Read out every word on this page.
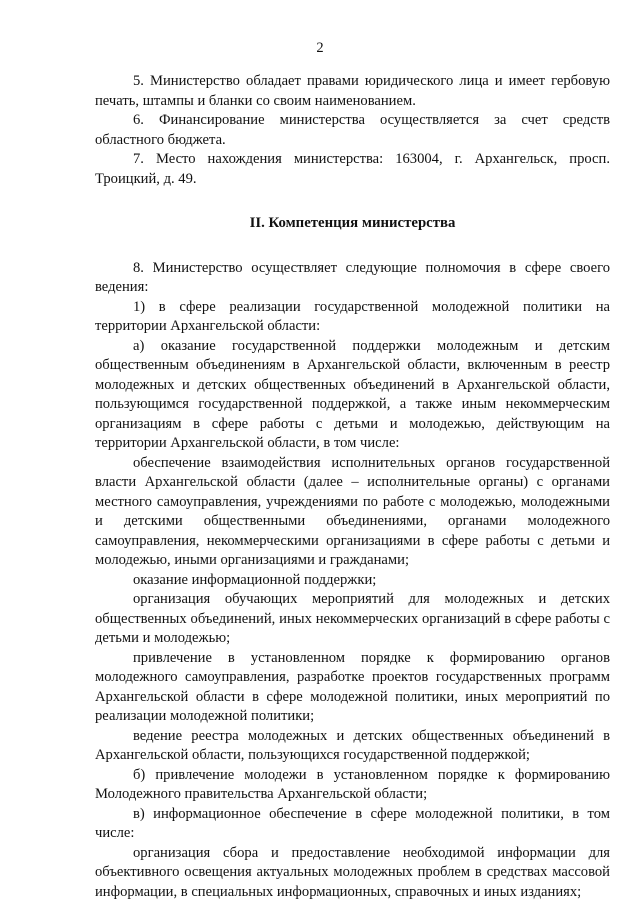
2

5. Министерство обладает правами юридического лица и имеет гербовую печать, штампы и бланки со своим наименованием.

6. Финансирование министерства осуществляется за счет средств областного бюджета.

7. Место нахождения министерства: 163004, г. Архангельск, просп. Троицкий, д. 49.

II. Компетенция министерства

8. Министерство осуществляет следующие полномочия в сфере своего ведения:

1) в сфере реализации государственной молодежной политики на территории Архангельской области:

а) оказание государственной поддержки молодежным и детским общественным объединениям в Архангельской области, включенным в реестр молодежных и детских общественных объединений в Архангельской области, пользующимся государственной поддержкой, а также иным некоммерческим организациям в сфере работы с детьми и молодежью, действующим на территории Архангельской области, в том числе:

обеспечение взаимодействия исполнительных органов государственной власти Архангельской области (далее – исполнительные органы) с органами местного самоуправления, учреждениями по работе с молодежью, молодежными и детскими общественными объединениями, органами молодежного самоуправления, некоммерческими организациями в сфере работы с детьми и молодежью, иными организациями и гражданами;

оказание информационной поддержки;

организация обучающих мероприятий для молодежных и детских общественных объединений, иных некоммерческих организаций в сфере работы с детьми и молодежью;

привлечение в установленном порядке к формированию органов молодежного самоуправления, разработке проектов государственных программ Архангельской области в сфере молодежной политики, иных мероприятий по реализации молодежной политики;

ведение реестра молодежных и детских общественных объединений в Архангельской области, пользующихся государственной поддержкой;

б) привлечение молодежи в установленном порядке к формированию Молодежного правительства Архангельской области;

в) информационное обеспечение в сфере молодежной политики, в том числе:

организация сбора и предоставление необходимой информации для объективного освещения актуальных молодежных проблем в средствах массовой информации, в специальных информационных, справочных и иных изданиях;
